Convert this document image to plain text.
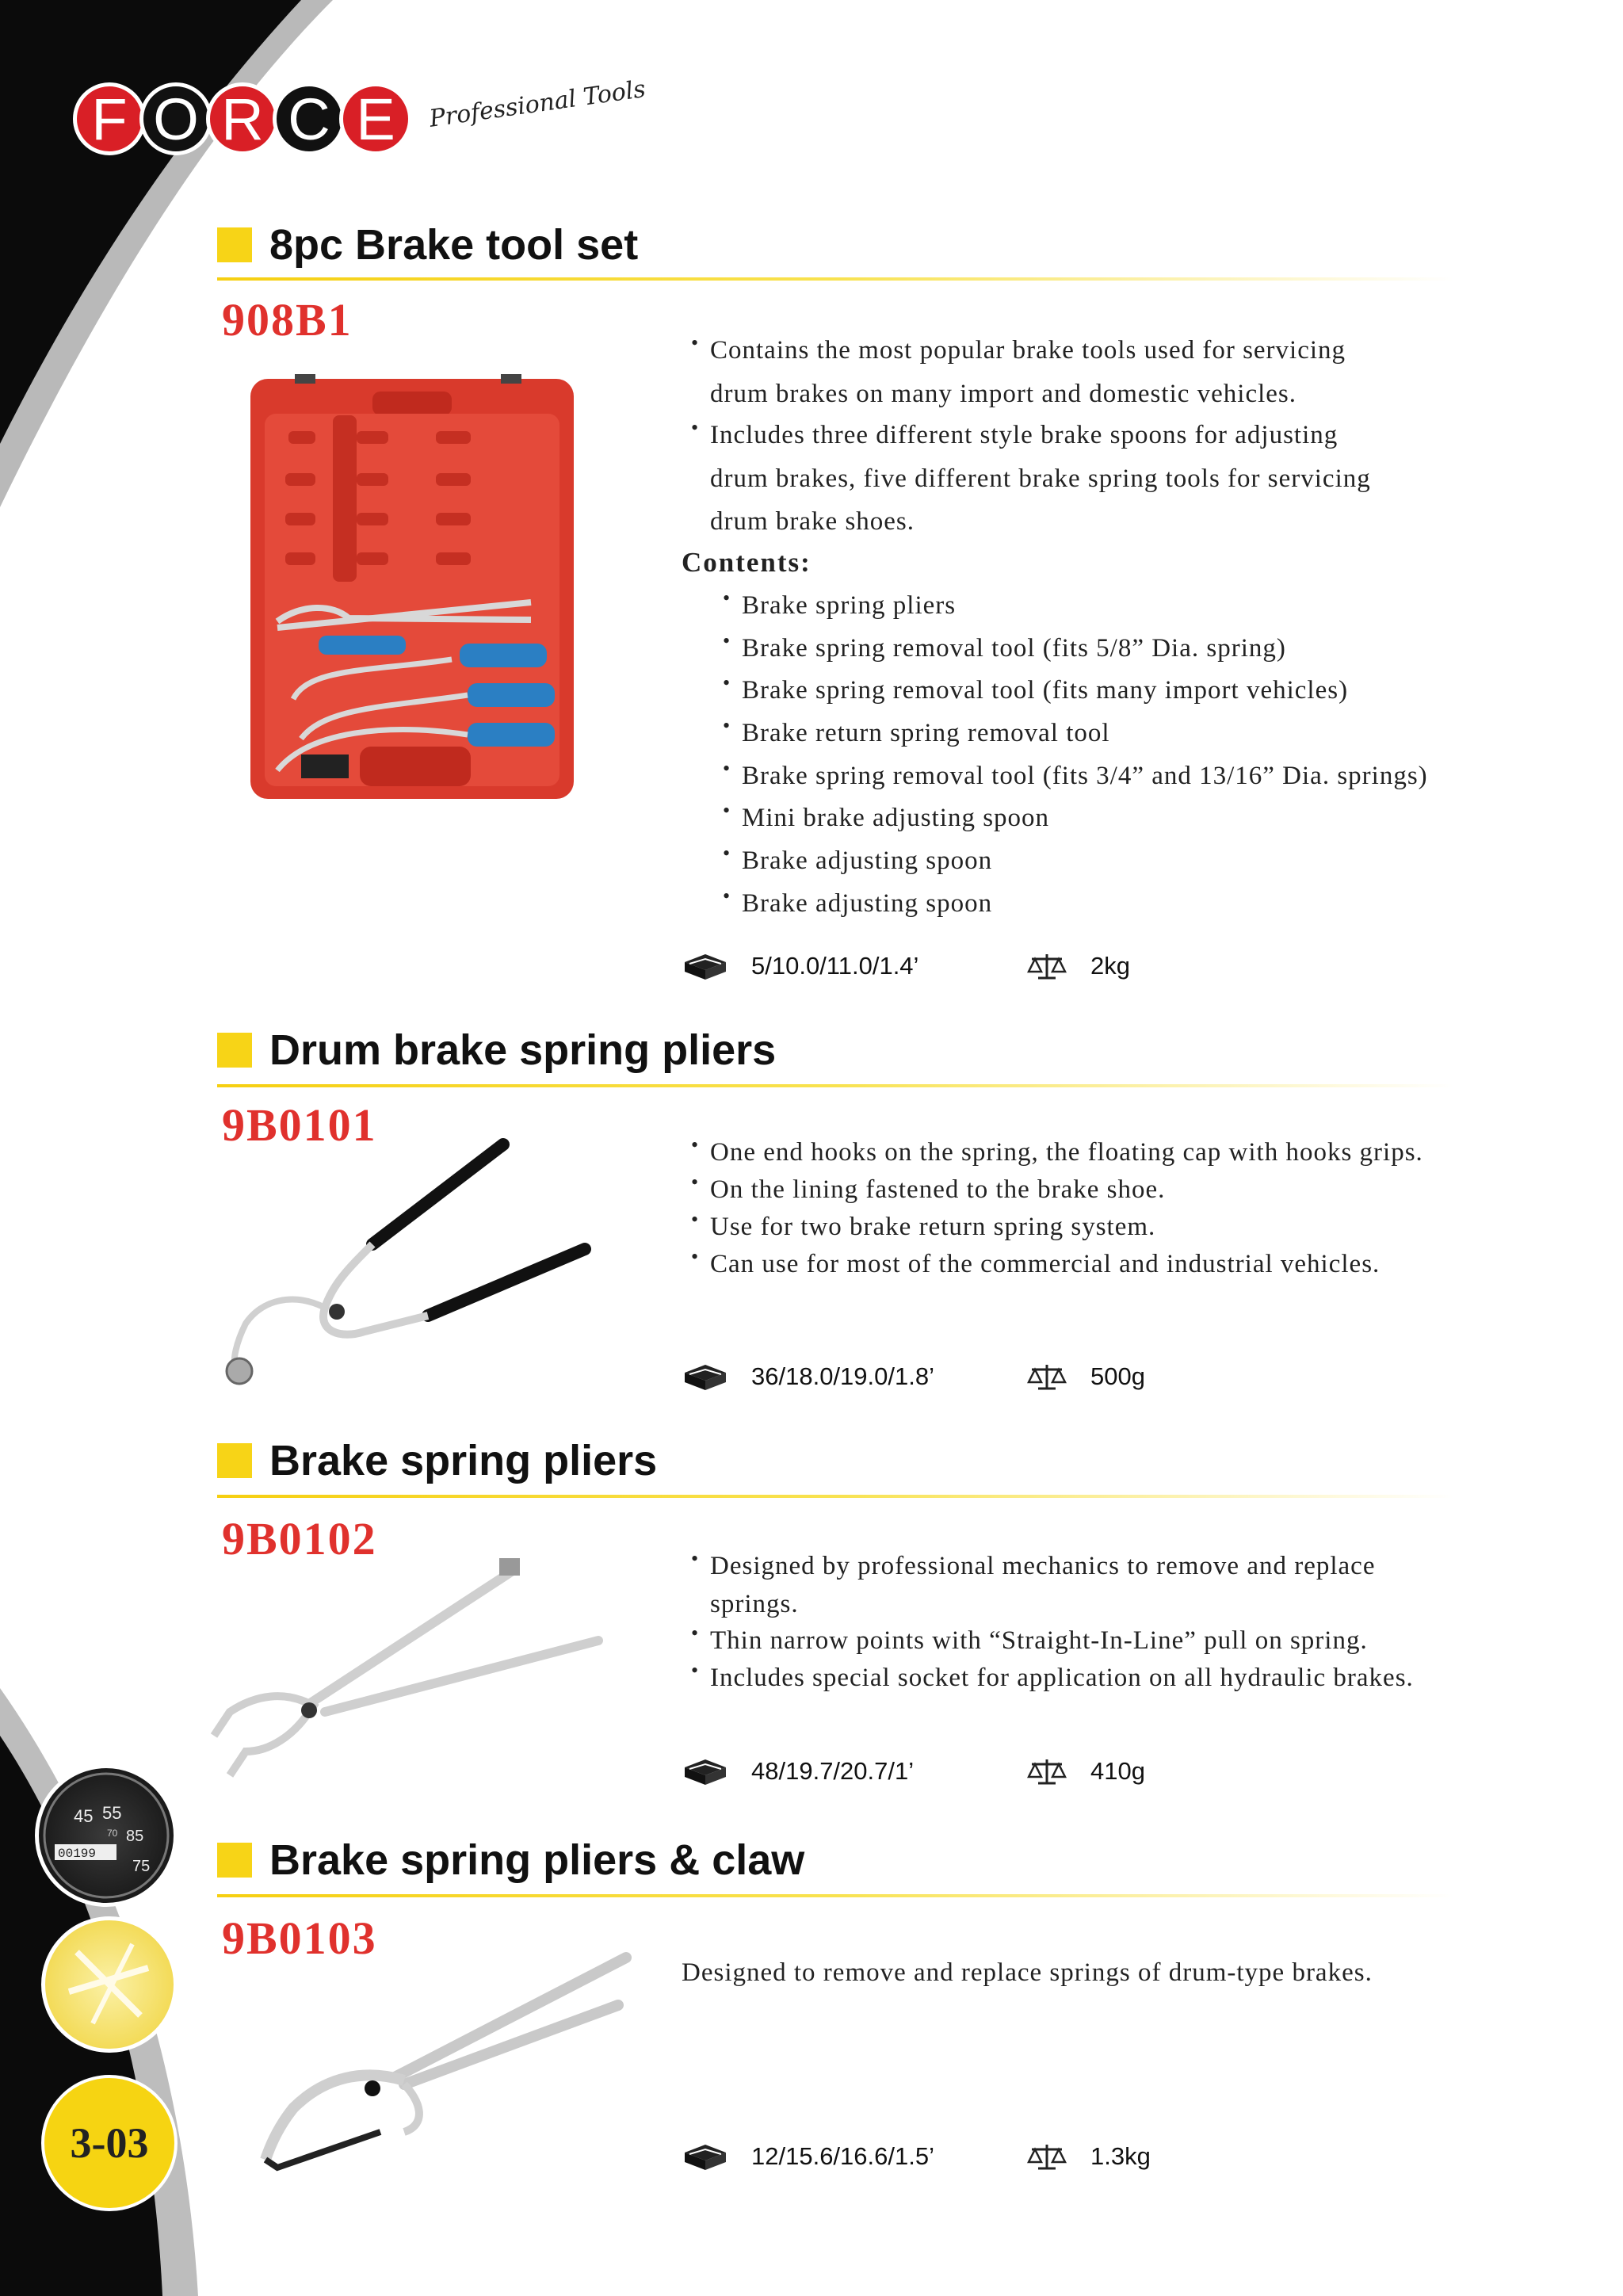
F O R C E	Professional Tools
8pc Brake tool set
908B1
• Contains the most popular brake tools used for servicing
drum brakes on many import and domestic vehicles.
• Includes three different style brake spoons for adjusting
drum brakes, five different brake spring tools for servicing
drum brake shoes.
Contents:
• Brake spring pliers
• Brake spring removal tool (fits 5/8” Dia. spring)
• Brake spring removal tool (fits many import vehicles)
• Brake return spring removal tool
• Brake spring removal tool (fits 3/4” and 13/16” Dia. springs)
• Mini brake adjusting spoon
• Brake adjusting spoon
• Brake adjusting spoon
5/10.0/11.0/1.4’	2kg
Drum brake spring pliers
9B0101
• One end hooks on the spring, the floating cap with hooks grips.
• On the lining fastened to the brake shoe.
• Use for two brake return spring system.
• Can use for most of the commercial and industrial vehicles.
36/18.0/19.0/1.8’	500g
Brake spring pliers
9B0102
• Designed by professional mechanics to remove and replace
springs.
• Thin narrow points with “Straight-In-Line” pull on spring.
• Includes special socket for application on all hydraulic brakes.
48/19.7/20.7/1’	410g
Brake spring pliers & claw
9B0103
Designed to remove and replace springs of drum-type brakes.
12/15.6/16.6/1.5’	1.3kg
45 55
85
75
70
00199
3-03
